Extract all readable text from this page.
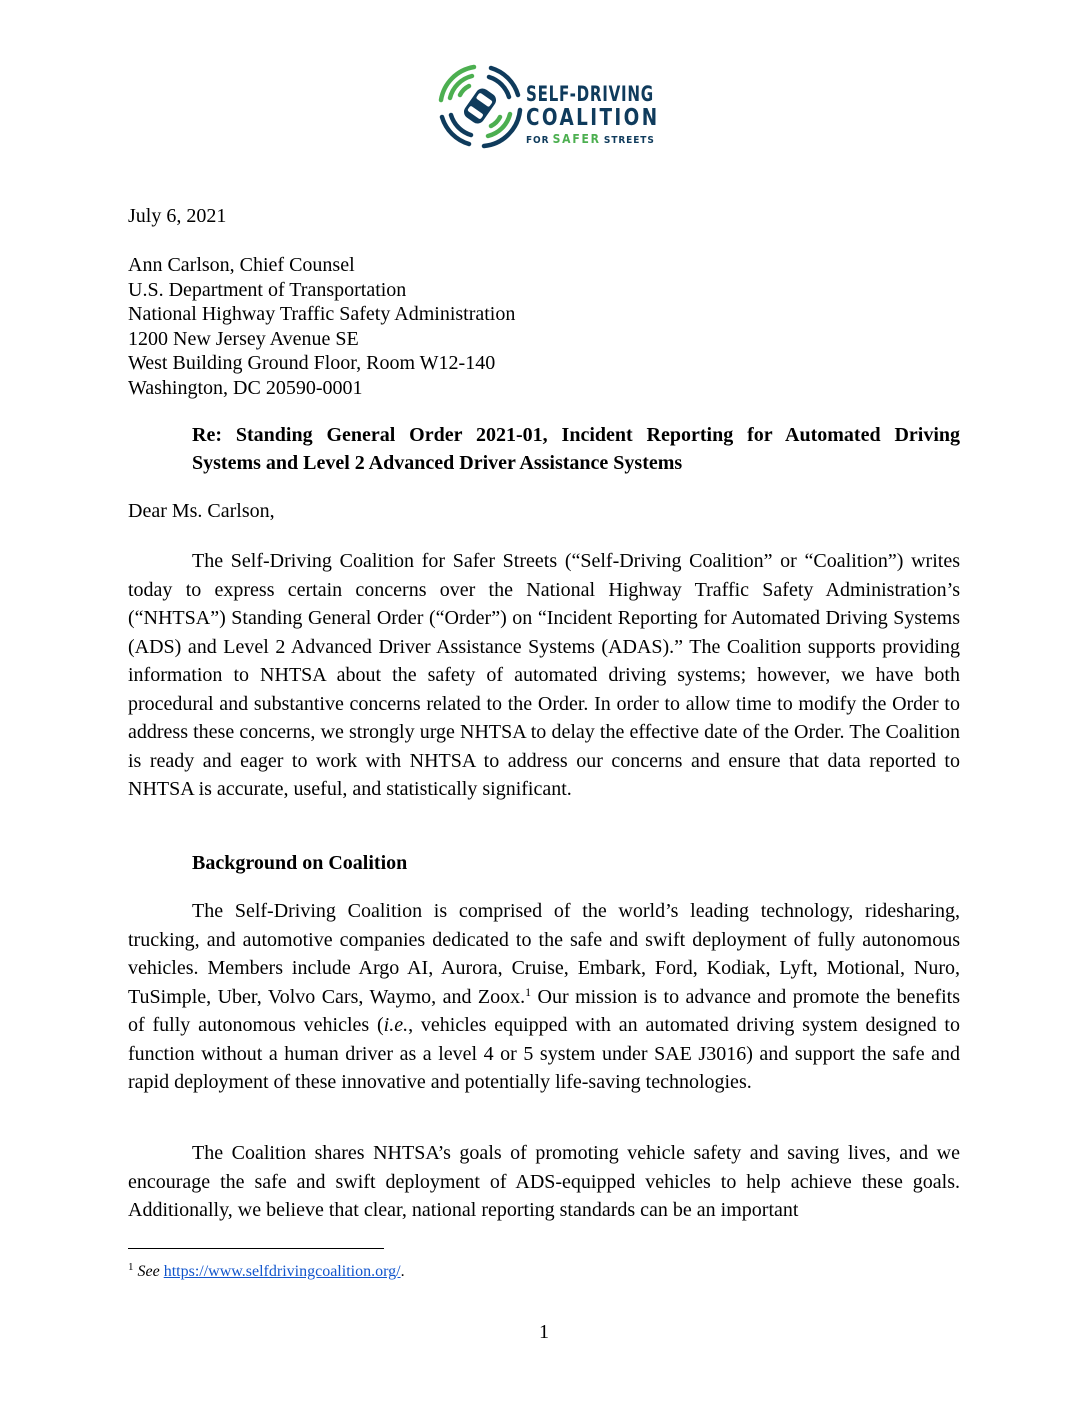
SELF-DRIVING
COALITION
FOR SAFER STREETS
July 6, 2021
Ann Carlson, Chief Counsel
U.S. Department of Transportation
National Highway Traffic Safety Administration
1200 New Jersey Avenue SE
West Building Ground Floor, Room W12-140
Washington, DC 20590-0001
Re: Standing General Order 2021-01, Incident Reporting for Automated Driving
Systems and Level 2 Advanced Driver Assistance Systems
Dear Ms. Carlson,
The Self-Driving Coalition for Safer Streets (“Self-Driving Coalition” or “Coalition”) writes today to express certain concerns over the National Highway Traffic Safety Administration’s (“NHTSA”) Standing General Order (“Order”) on “Incident Reporting for Automated Driving Systems (ADS) and Level 2 Advanced Driver Assistance Systems (ADAS).” The Coalition supports providing information to NHTSA about the safety of automated driving systems; however, we have both procedural and substantive concerns related to the Order. In order to allow time to modify the Order to address these concerns, we strongly urge NHTSA to delay the effective date of the Order. The Coalition is ready and eager to work with NHTSA to address our concerns and ensure that data reported to NHTSA is accurate, useful, and statistically significant.
Background on Coalition
The Self-Driving Coalition is comprised of the world’s leading technology, ridesharing, trucking, and automotive companies dedicated to the safe and swift deployment of fully autonomous vehicles. Members include Argo AI, Aurora, Cruise, Embark, Ford, Kodiak, Lyft, Motional, Nuro, TuSimple, Uber, Volvo Cars, Waymo, and Zoox.$^1$ Our mission is to advance and promote the benefits of fully autonomous vehicles (i.e., vehicles equipped with an automated driving system designed to function without a human driver as a level 4 or 5 system under SAE J3016) and support the safe and rapid deployment of these innovative and potentially life-saving technologies.
The Coalition shares NHTSA’s goals of promoting vehicle safety and saving lives, and we encourage the safe and swift deployment of ADS-equipped vehicles to help achieve these goals. Additionally, we believe that clear, national reporting standards can be an important
$^1$ See https://www.selfdrivingcoalition.org/.
1
